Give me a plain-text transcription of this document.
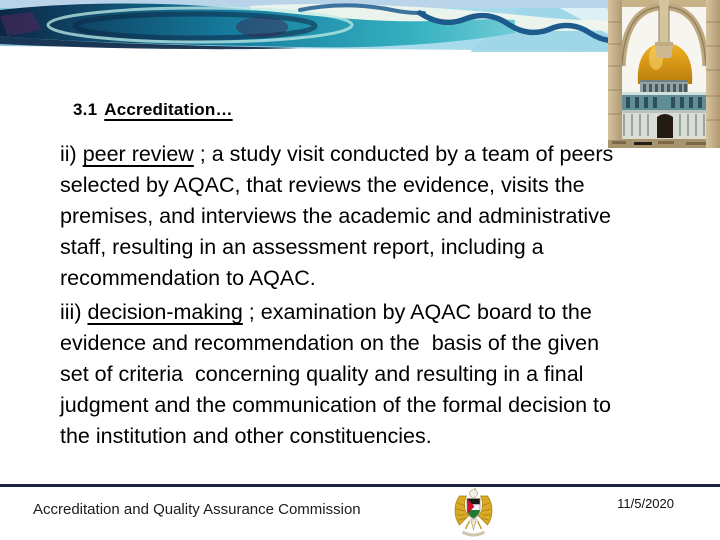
3.1 Accreditation…
ii) peer review ; a study visit conducted by a team of peers
selected by AQAC, that reviews the evidence, visits the
premises, and interviews the academic and administrative
staff, resulting in an assessment report, including a
recommendation to AQAC.
iii) decision-making ; examination by AQAC board to the
evidence and recommendation on the  basis of the given
set of criteria  concerning quality and resulting in a final
judgment and the communication of the formal decision to
the institution and other constituencies.
Accreditation and Quality Assurance Commission	11/5/2020
